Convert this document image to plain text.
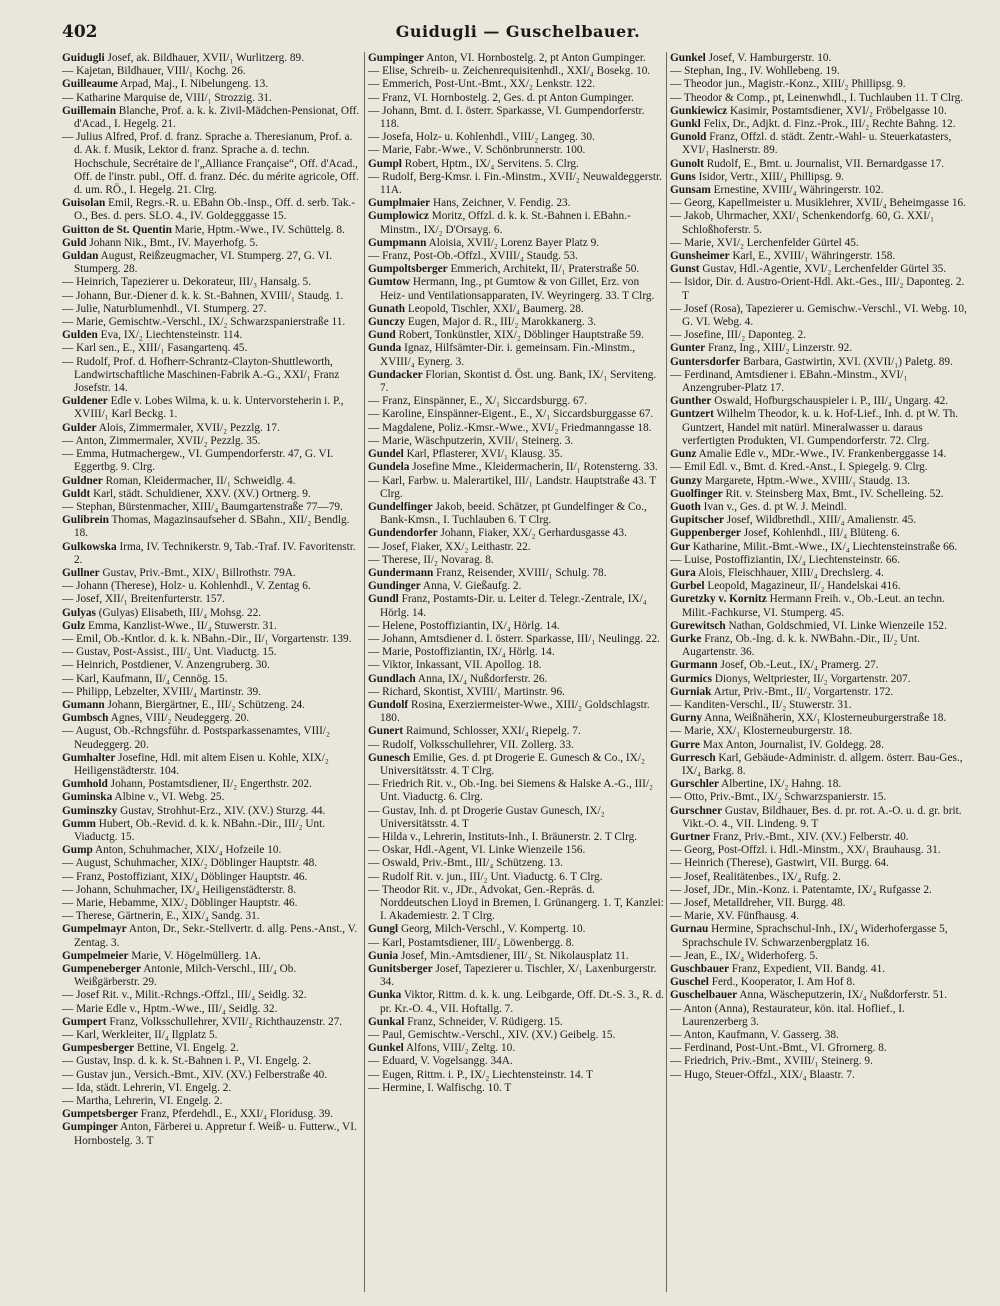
402	Guidugli — Guschelbauer.

Guidugli Josef, ak. Bildhauer, XVII/₁ Wurlitzerg. 89.

— Kajetan, Bildhauer, VIII/₁ Kochg. 26.

Guilleaume Arpad, Maj., I. Nibelungeng. 13.

— Katharine Marquise de, VIII/₁ Strozzig. 31.

Guillemain Blanche, Prof. a. k. k. Zivil-Mädchen-Pensionat, Off. d'Acad., I. Hegelg. 21.

— Julius Alfred, Prof. d. franz. Sprache a. Theresianum, Prof. a. d. Ak. f. Musik, Lektor d. franz. Sprache a. d. techn. Hochschule, Secrétaire de l'„Alliance Française“, Off. d'Acad., Off. de l'instr. publ., Off. d. franz. Déc. du mérite agricole, Off. d. um. RÖ., I. Hegelg. 21. Clrg.

Guisolan Emil, Regrs.-R. u. EBahn Ob.-Insp., Off. d. serb. Tak.-O., Bes. d. pers. SLO. 4., IV. Goldegggasse 15.

Guitton de St. Quentin Marie, Hptm.-Wwe., IV. Schüttelg. 8.

Guld Johann Nik., Bmt., IV. Mayerhofg. 5.

Guldan August, Reißzeugmacher, VI. Stumperg. 27, G. VI. Stumperg. 28.

— Heinrich, Tapezierer u. Dekorateur, III/₃ Hansalg. 5.

— Johann, Bur.-Diener d. k. k. St.-Bahnen, XVIII/₁ Staudg. 1.

— Julie, Naturblumenhdl., VI. Stumperg. 27.

— Marie, Gemischtw.-Verschl., IX/₂ Schwarzspanierstraße 11.

Gulden Eva, IX/₂ Liechtensteinstr. 114.

— Karl sen., E., XIII/₁ Fasangartenq. 45.

— Rudolf, Prof. d. Hofherr-Schrantz-Clayton-Shuttleworth, Landwirtschaftliche Maschinen-Fabrik A.-G., XXI/₁ Franz Josefstr. 14.

Guldener Edle v. Lobes Wilma, k. u. k. Untervorsteherin i. P., XVIII/₁ Karl Beckg. 1.

Gulder Alois, Zimmermaler, XVII/₂ Pezzlg. 17.

— Anton, Zimmermaler, XVII/₂ Pezzlg. 35.

— Emma, Hutmachergew., VI. Gumpendorferstr. 47, G. VI. Eggertbg. 9. Clrg.

Guldner Roman, Kleidermacher, II/₁ Schweidlg. 4.

Guldt Karl, städt. Schuldiener, XXV. (XV.) Ortnerg. 9.

— Stephan, Bürstenmacher, XIII/₄ Baumgartenstraße 77—79.

Gulibrein Thomas, Magazinsaufseher d. SBahn., XII/₂ Bendlg. 18.

Gulkowska Irma, IV. Technikerstr. 9, Tab.-Traf. IV. Favoritenstr. 2.

Gullner Gustav, Priv.-Bmt., XIX/₁ Billrothstr. 79A.

— Johann (Therese), Holz- u. Kohlenhdl., V. Zentag 6.

— Josef, XII/₁ Breitenfurterstr. 157.

Gulyas (Gulyas) Elisabeth, III/₄ Mohsg. 22.

Gulz Emma, Kanzlist-Wwe., II/₄ Stuwerstr. 31.

— Emil, Ob.-Kntlor. d. k. k. NBahn.-Dir., II/₁ Vorgartenstr. 139.

— Gustav, Post-Assist., III/₂ Unt. Viaductg. 15.

— Heinrich, Postdiener, V. Anzengruberg. 30.

— Karl, Kaufmann, II/₄ Cennög. 15.

— Philipp, Lebzelter, XVIII/₄ Martinstr. 39.

Gumann Johann, Biergärtner, E., III/₂ Schützeng. 24.

Gumbsch Agnes, VIII/₂ Neudeggerg. 20.

— August, Ob.-Rchngsführ. d. Postsparkassenamtes, VIII/₂ Neudeggerg. 20.

Gumhalter Josefine, Hdl. mit altem Eisen u. Kohle, XIX/₂ Heiligenstädterstr. 104.

Gumhold Johann, Postamtsdiener, II/₂ Engerthstr. 202.

Guminska Albine v., VI. Webg. 25.

Guminszky Gustav, Strohhut-Erz., XIV. (XV.) Sturzg. 44.

Gumm Hubert, Ob.-Revid. d. k. k. NBahn.-Dir., III/₂ Unt. Viaductg. 15.

Gump Anton, Schuhmacher, XIX/₄ Hofzeile 10.

— August, Schuhmacher, XIX/₂ Döblinger Hauptstr. 48.

— Franz, Postoffiziant, XIX/₄ Döblinger Hauptstr. 46.

— Johann, Schuhmacher, IX/₄ Heiligenstädterstr. 8.

— Marie, Hebamme, XIX/₂ Döblinger Hauptstr. 46.

— Therese, Gärtnerin, E., XIX/₄ Sandg. 31.

Gumpelmayr Anton, Dr., Sekr.-Stellvertr. d. allg. Pens.-Anst., V. Zentag. 3.

Gumpelmeier Marie, V. Högelmüllerg. 1A.

Gumpeneberger Antonie, Milch-Verschl., III/₄ Ob. Weißgärberstr. 29.

— Josef Rit. v., Milit.-Rchngs.-Offzl., III/₄ Seidlg. 32.

— Marie Edle v., Hptm.-Wwe., III/₄ Seidlg. 32.

Gumpert Franz, Volksschullehrer, XVII/₂ Richthauzenstr. 27.

— Karl, Werkleiter, II/₄ Ilgplatz 5.

Gumpesberger Bettine, VI. Engelg. 2.

— Gustav, Insp. d. k. k. St.-Bahnen i. P., VI. Engelg. 2.

— Gustav jun., Versich.-Bmt., XIV. (XV.) Felberstraße 40.

— Ida, städt. Lehrerin, VI. Engelg. 2.

— Martha, Lehrerin, VI. Engelg. 2.

Gumpetsberger Franz, Pferdehdl., E., XXI/₄ Floridusg. 39.

Gumpinger Anton, Färberei u. Appretur f. Weiß- u. Futterw., VI. Hornbostelg. 3. T

Gumpinger Anton, VI. Hornbostelg. 2, pt Anton Gumpinger.

— Elise, Schreib- u. Zeichenrequisitenhdl., XXI/₄ Bosekg. 10.

— Emmerich, Post-Unt.-Bmt., XX/₂ Lenkstr. 122.

— Franz, VI. Hornbostelg. 2, Ges. d. pt Anton Gumpinger.

— Johann, Bmt. d. I. österr. Sparkasse, VI. Gumpendorferstr. 118.

— Josefa, Holz- u. Kohlenhdl., VIII/₂ Langeg. 30.

— Marie, Fabr.-Wwe., V. Schönbrunnerstr. 100.

Gumpl Robert, Hptm., IX/₄ Servitens. 5. Clrg.

— Rudolf, Berg-Kmsr. i. Fin.-Minstm., XVII/₂ Neuwaldeggerstr. 11A.

Gumplmaier Hans, Zeichner, V. Fendig. 23.

Gumplowicz Moritz, Offzl. d. k. k. St.-Bahnen i. EBahn.-Minstm., IX/₂ D'Orsayg. 6.

Gumpmann Aloisia, XVII/₂ Lorenz Bayer Platz 9.

— Franz, Post-Ob.-Offzl., XVIII/₄ Staudg. 53.

Gumpoltsberger Emmerich, Architekt, II/₁ Praterstraße 50.

Gumtow Hermann, Ing., pt Gumtow & von Gillet, Erz. von Heiz- und Ventilationsapparaten, IV. Weyringerg. 33. T Clrg.

Gunath Leopold, Tischler, XXI/₄ Baumerg. 28.

Gunczy Eugen, Major d. R., III/₂ Marokkanerg. 3.

Gund Robert, Tonkünstler, XIX/₂ Döblinger Hauptstraße 59.

Gunda Ignaz, Hilfsämter-Dir. i. gemeinsam. Fin.-Minstm., XVIII/₄ Eynerg. 3.

Gundacker Florian, Skontist d. Öst. ung. Bank, IX/₁ Serviteng. 7.

— Franz, Einspänner, E., X/₁ Siccardsburgg. 67.

— Karoline, Einspänner-Eigent., E., X/₁ Siccardsburggasse 67.

— Magdalene, Poliz.-Kmsr.-Wwe., XVI/₂ Friedmanngasse 18.

— Marie, Wäschputzerin, XVII/₁ Steinerg. 3.

Gundel Karl, Pflasterer, XVI/₁ Klausg. 35.

Gundela Josefine Mme., Kleidermacherin, II/₁ Rotensterng. 33.

— Karl, Farbw. u. Malerartikel, III/₁ Landstr. Hauptstraße 43. T Clrg.

Gundelfinger Jakob, beeid. Schätzer, pt Gundelfinger & Co., Bank-Kmsn., I. Tuchlauben 6. T Clrg.

Gundendorfer Johann, Fiaker, XX/₂ Gerhardusgasse 43.

— Josef, Fiaker, XX/₂ Leithastr. 22.

— Therese, II/₂ Novarag. 8.

Gundermann Franz, Reisender, XVIII/₁ Schulg. 78.

Gundinger Anna, V. Gießaufg. 2.

Gundl Franz, Postamts-Dir. u. Leiter d. Telegr.-Zentrale, IX/₄ Hörlg. 14.

— Helene, Postoffiziantin, IX/₄ Hörlg. 14.

— Johann, Amtsdiener d. I. österr. Sparkasse, III/₁ Neulingg. 22.

— Marie, Postoffiziantin, IX/₄ Hörlg. 14.

— Viktor, Inkassant, VII. Apollog. 18.

Gundlach Anna, IX/₄ Nußdorferstr. 26.

— Richard, Skontist, XVIII/₁ Martinstr. 96.

Gundolf Rosina, Exerziermeister-Wwe., XIII/₂ Goldschlagstr. 180.

Gunert Raimund, Schlosser, XXI/₄ Riepelg. 7.

— Rudolf, Volksschullehrer, VII. Zollerg. 33.

Gunesch Emilie, Ges. d. pt Drogerie E. Gunesch & Co., IX/₂ Universitätsstr. 4. T Clrg.

— Friedrich Rit. v., Ob.-Ing. bei Siemens & Halske A.-G., III/₂ Unt. Viaductg. 6. Clrg.

— Gustav, Inh. d. pt Drogerie Gustav Gunesch, IX/₂ Universitätsstr. 4. T

— Hilda v., Lehrerin, Instituts-Inh., I. Bräunerstr. 2. T Clrg.

— Oskar, Hdl.-Agent, VI. Linke Wienzeile 156.

— Oswald, Priv.-Bmt., III/₄ Schützeng. 13.

— Rudolf Rit. v. jun., III/₂ Unt. Viaductg. 6. T Clrg.

— Theodor Rit. v., JDr., Advokat, Gen.-Repräs. d. Norddeutschen Lloyd in Bremen, I. Grünangerg. 1. T, Kanzlei: I. Akademiestr. 2. T Clrg.

Gungl Georg, Milch-Verschl., V. Kompertg. 10.

— Karl, Postamtsdiener, III/₂ Löwenbergg. 8.

Gunia Josef, Min.-Amtsdiener, III/₂ St. Nikolausplatz 11.

Gunitsberger Josef, Tapezierer u. Tischler, X/₁ Laxenburgerstr. 34.

Gunka Viktor, Rittm. d. k. k. ung. Leibgarde, Off. Dt.-S. 3., R. d. pr. Kr.-O. 4., VII. Hoftallg. 7.

Gunkal Franz, Schneider, V. Rüdigerg. 15.

— Paul, Gemischtw.-Verschl., XIV. (XV.) Geibelg. 15.

Gunkel Alfons, VIII/₂ Zeltg. 10.

— Eduard, V. Vogelsangg. 34A.

— Eugen, Rittm. i. P., IX/₂ Liechtensteinstr. 14. T

— Hermine, I. Walfischg. 10. T

Gunkel Josef, V. Hamburgerstr. 10.

— Stephan, Ing., IV. Wohllebeng. 19.

— Theodor jun., Magistr.-Konz., XIII/₂ Phillipsg. 9.

— Theodor & Comp., pt, Leinenwhdl., I. Tuchlauben 11. T Clrg.

Gunkiewicz Kasimir, Postamtsdiener, XVI/₂ Fröbelgasse 10.

Gunkl Felix, Dr., Adjkt. d. Finz.-Prok., III/₂ Rechte Bahng. 12.

Gunold Franz, Offzl. d. städt. Zentr.-Wahl- u. Steuerkatasters, XVI/₁ Haslnerstr. 89.

Gunolt Rudolf, E., Bmt. u. Journalist, VII. Bernardgasse 17.

Guns Isidor, Vertr., XIII/₄ Phillipsg. 9.

Gunsam Ernestine, XVIII/₄ Währingerstr. 102.

— Georg, Kapellmeister u. Musiklehrer, XVII/₄ Beheimgasse 16.

— Jakob, Uhrmacher, XXI/₁ Schenkendorfg. 60, G. XXI/₁ Schloßhoferstr. 5.

— Marie, XVI/₂ Lerchenfelder Gürtel 45.

Gunsheimer Karl, E., XVIII/₁ Währingerstr. 158.

Gunst Gustav, Hdl.-Agentie, XVI/₂ Lerchenfelder Gürtel 35.

— Isidor, Dir. d. Austro-Orient-Hdl. Akt.-Ges., III/₂ Daponteg. 2. T

— Josef (Rosa), Tapezierer u. Gemischw.-Verschl., VI. Webg. 10, G. VI. Webg. 4.

— Josefine, III/₂ Daponteg. 2.

Gunter Franz, Ing., XIII/₂ Linzerstr. 92.

Guntersdorfer Barbara, Gastwirtin, XVI. (XVII/₁) Paletg. 89.

— Ferdinand, Amtsdiener i. EBahn.-Minstm., XVI/₁ Anzengruber-Platz 17.

Gunther Oswald, Hofburgschauspieler i. P., III/₄ Ungarg. 42.

Guntzert Wilhelm Theodor, k. u. k. Hof-Lief., Inh. d. pt W. Th. Guntzert, Handel mit natürl. Mineralwasser u. daraus verfertigten Produkten, VI. Gumpendorferstr. 72. Clrg.

Gunz Amalie Edle v., MDr.-Wwe., IV. Frankenberggasse 14.

— Emil Edl. v., Bmt. d. Kred.-Anst., I. Spiegelg. 9. Clrg.

Gunzy Margarete, Hptm.-Wwe., XVIII/₁ Staudg. 13.

Guolfinger Rit. v. Steinsberg Max, Bmt., IV. Schelleing. 52.

Guoth Ivan v., Ges. d. pt W. J. Meindl.

Gupitscher Josef, Wildbrethdl., XIII/₄ Amalienstr. 45.

Guppenberger Josef, Kohlenhdl., III/₄ Blüteng. 6.

Gur Katharine, Milit.-Bmt.-Wwe., IX/₄ Liechtensteinstraße 66.

— Luise, Postoffiziantin, IX/₄ Liechtensteinstr. 66.

Gura Alois, Fleischhauer, XIII/₄ Drechslerg. 4.

Gurbel Leopold, Magazineur, II/₂ Handelskai 416.

Guretzky v. Kornitz Hermann Freih. v., Ob.-Leut. an techn. Milit.-Fachkurse, VI. Stumperg. 45.

Gurewitsch Nathan, Goldschmied, VI. Linke Wienzeile 152.

Gurke Franz, Ob.-Ing. d. k. k. NWBahn.-Dir., II/₂ Unt. Augartenstr. 36.

Gurmann Josef, Ob.-Leut., IX/₄ Pramerg. 27.

Gurmics Dionys, Weltpriester, II/₂ Vorgartenstr. 207.

Gurniak Artur, Priv.-Bmt., II/₂ Vorgartenstr. 172.

— Kanditen-Verschl., II/₂ Stuwerstr. 31.

Gurny Anna, Weißnäherin, XX/₁ Klosterneuburgerstraße 18.

— Marie, XX/₁ Klosterneuburgerstr. 18.

Gurre Max Anton, Journalist, IV. Goldegg. 28.

Gurresch Karl, Gebäude-Administr. d. allgem. österr. Bau-Ges., IX/₄ Barkg. 8.

Gurschler Albertine, IX/₂ Hahng. 18.

— Otto, Priv.-Bmt., IX/₂ Schwarzspanierstr. 15.

Gurschner Gustav, Bildhauer, Bes. d. pr. rot. A.-O. u. d. gr. brit. Vikt.-O. 4., VII. Lindeng. 9. T

Gurtner Franz, Priv.-Bmt., XIV. (XV.) Felberstr. 40.

— Georg, Post-Offzl. i. Hdl.-Minstm., XX/₁ Brauhausg. 31.

— Heinrich (Therese), Gastwirt, VII. Burgg. 64.

— Josef, Realitätenbes., IX/₄ Rufg. 2.

— Josef, JDr., Min.-Konz. i. Patentamte, IX/₄ Rufgasse 2.

— Josef, Metalldreher, VII. Burgg. 48.

— Marie, XV. Fünfhausg. 4.

Gurnau Hermine, Sprachschul-Inh., IX/₄ Widerhofergasse 5, Sprachschule IV. Schwarzenbergplatz 16.

— Jean, E., IX/₄ Widerhoferg. 5.

Guschbauer Franz, Expedient, VII. Bandg. 41.

Guschel Ferd., Kooperator, I. Am Hof 8.

Guschelbauer Anna, Wäscheputzerin, IX/₄ Nußdorferstr. 51.

— Anton (Anna), Restaurateur, kön. ital. Hoflief., I. Laurenzerberg 3.

— Anton, Kaufmann, V. Gasserg. 38.

— Ferdinand, Post-Unt.-Bmt., VI. Gfrornerg. 8.

— Friedrich, Priv.-Bmt., XVIII/₁ Steinerg. 9.

— Hugo, Steuer-Offzl., XIX/₄ Blaastr. 7.
